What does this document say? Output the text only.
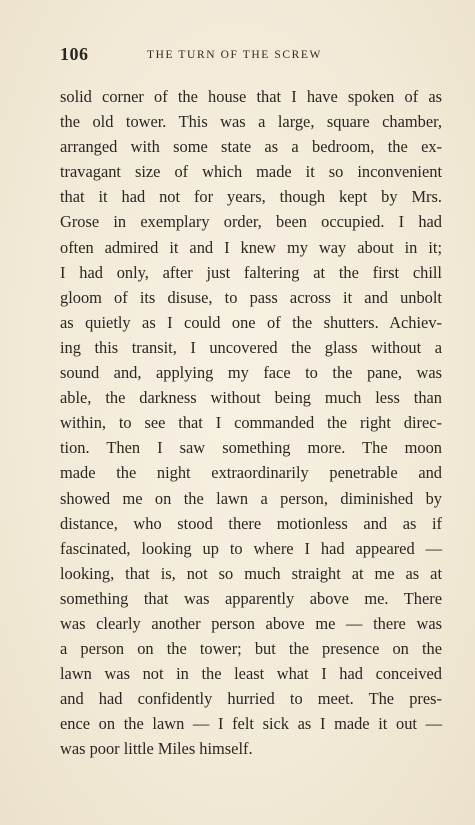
106	THE TURN OF THE SCREW
solid corner of the house that I have spoken of as
the old tower. This was a large, square chamber,
arranged with some state as a bedroom, the ex-
travagant size of which made it so inconvenient
that it had not for years, though kept by Mrs.
Grose in exemplary order, been occupied. I had
often admired it and I knew my way about in it;
I had only, after just faltering at the first chill
gloom of its disuse, to pass across it and unbolt
as quietly as I could one of the shutters. Achiev-
ing this transit, I uncovered the glass without a
sound and, applying my face to the pane, was
able, the darkness without being much less than
within, to see that I commanded the right direc-
tion. Then I saw something more. The moon
made the night extraordinarily penetrable and
showed me on the lawn a person, diminished by
distance, who stood there motionless and as if
fascinated, looking up to where I had appeared —
looking, that is, not so much straight at me as at
something that was apparently above me. There
was clearly another person above me — there was
a person on the tower; but the presence on the
lawn was not in the least what I had conceived
and had confidently hurried to meet. The pres-
ence on the lawn — I felt sick as I made it out —
was poor little Miles himself.
